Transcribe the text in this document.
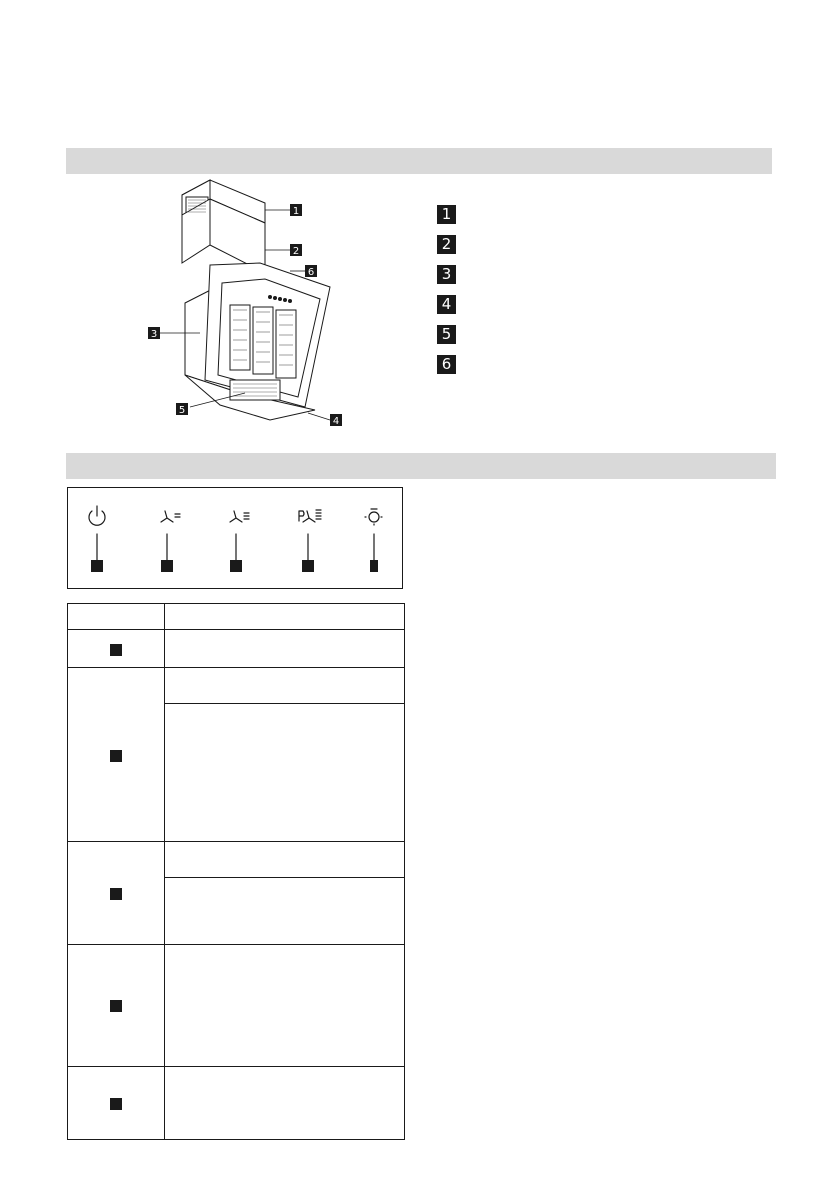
1
2
3
4
5
6
1
2
3
4
5
6
